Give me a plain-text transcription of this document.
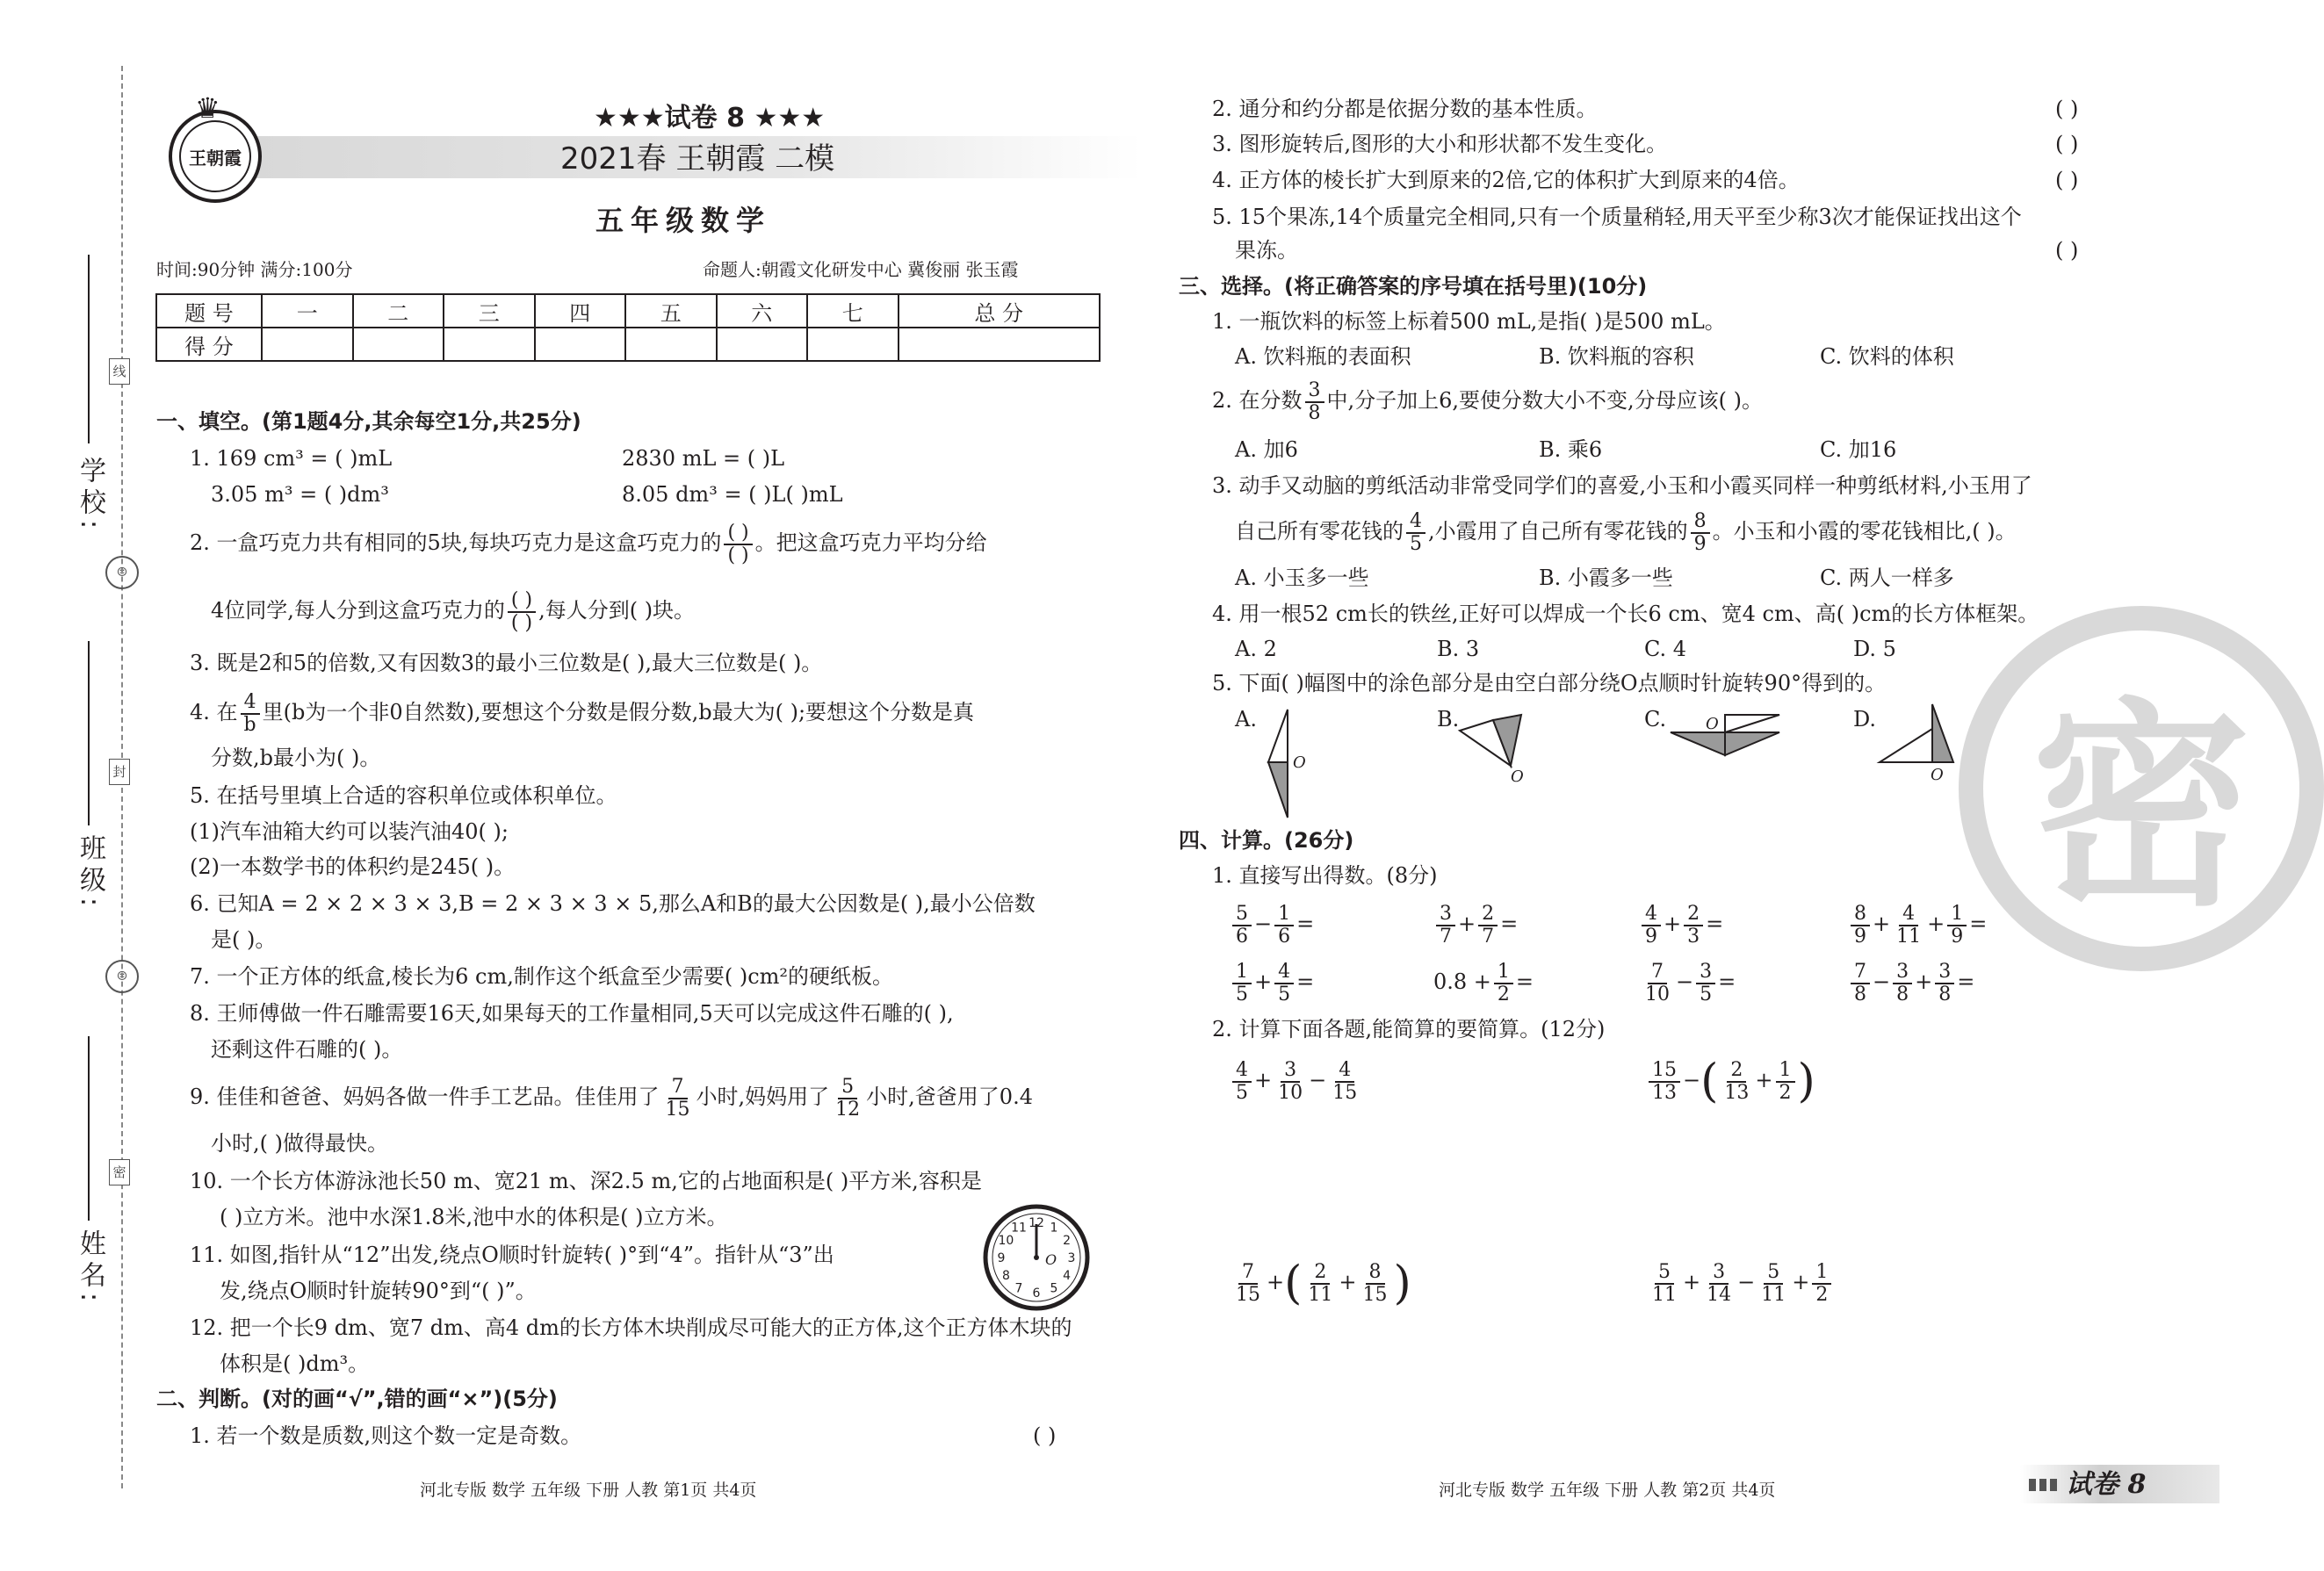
线
封
密
☺
☺
学校:
班级:
姓名:
王朝霞
♛	★★★试卷 8 ★★★
2021春 王朝霞 二模
五年级数学
时间:90分钟 满分:100分	命题人:朝霞文化研发中心 冀俊丽 张玉霞
题 号	一	二	三	四	五	六	七	总 分
得 分								
一、填空。(第1题4分,其余每空1分,共25分)
1. 169 cm³ = ( )mL	2830 mL = ( )L
3.05 m³ = ( )dm³	8.05 dm³ = ( )L( )mL
2. 一盒巧克力共有相同的5块,每块巧克力是这盒巧克力的 $\frac{( )}{( )}$ 。把这盒巧克力平均分给
4位同学,每人分到这盒巧克力的 $\frac{( )}{( )}$ ,每人分到( )块。
3. 既是2和5的倍数,又有因数3的最小三位数是( ),最大三位数是( )。
4. 在 $\frac{4}{b}$ 里(b为一个非0自然数),要想这个分数是假分数,b最大为( );要想这个分数是真
分数,b最小为( )。
5. 在括号里填上合适的容积单位或体积单位。
(1)汽车油箱大约可以装汽油40( );
(2)一本数学书的体积约是245( )。
6. 已知A = 2 × 2 × 3 × 3,B = 2 × 3 × 3 × 5,那么A和B的最大公因数是( ),最小公倍数
是( )。
7. 一个正方体的纸盒,棱长为6 cm,制作这个纸盒至少需要( )cm²的硬纸板。
8. 王师傅做一件石雕需要16天,如果每天的工作量相同,5天可以完成这件石雕的( ),
还剩这件石雕的( )。
9. 佳佳和爸爸、妈妈各做一件手工艺品。佳佳用了 $\frac{7}{15}$ 小时,妈妈用了 $\frac{5}{12}$ 小时,爸爸用了0.4
小时,( )做得最快。
10. 一个长方体游泳池长50 m、宽21 m、深2.5 m,它的占地面积是( )平方米,容积是
( )立方米。池中水深1.8米,池中水的体积是( )立方米。
11. 如图,指针从“12”出发,绕点O顺时针旋转( )°到“4”。指针从“3”出
发,绕点O顺时针旋转90°到“( )”。
12 1
2
3
4
5
6
7
8
9
10
11
O
12. 把一个长9 dm、宽7 dm、高4 dm的长方体木块削成尽可能大的正方体,这个正方体木块的
体积是( )dm³。
二、判断。(对的画“√”,错的画“×”)(5分)
1. 若一个数是质数,则这个数一定是奇数。	( )
河北专版 数学 五年级 下册 人教 第1页 共4页
2. 通分和约分都是依据分数的基本性质。	( )
3. 图形旋转后,图形的大小和形状都不发生变化。	( )
4. 正方体的棱长扩大到原来的2倍,它的体积扩大到原来的4倍。	( )
5. 15个果冻,14个质量完全相同,只有一个质量稍轻,用天平至少称3次才能保证找出这个
果冻。	( )
密
三、选择。(将正确答案的序号填在括号里)(10分)
1. 一瓶饮料的标签上标着500 mL,是指( )是500 mL。
A. 饮料瓶的表面积	B. 饮料瓶的容积	C. 饮料的体积
2. 在分数 $\frac{3}{8}$ 中,分子加上6,要使分数大小不变,分母应该( )。
A. 加6	B. 乘6	C. 加16
3. 动手又动脑的剪纸活动非常受同学们的喜爱,小玉和小霞买同样一种剪纸材料,小玉用了
自己所有零花钱的 $\frac{4}{5}$ ,小霞用了自己所有零花钱的 $\frac{8}{9}$ 。小玉和小霞的零花钱相比,( )。
A. 小玉多一些	B. 小霞多一些	C. 两人一样多
4. 用一根52 cm长的铁丝,正好可以焊成一个长6 cm、宽4 cm、高( )cm的长方体框架。
A. 2	B. 3	C. 4	D. 5
5. 下面( )幅图中的涂色部分是由空白部分绕O点顺时针旋转90°得到的。
A.
O
B.
O
C. O	D.
O
四、计算。(26分)
1. 直接写出得数。(8分)
$\frac{5}{6} - \frac{1}{6}$ =	$\frac{3}{7} + \frac{2}{7}$ =	$\frac{4}{9} + \frac{2}{3}$ =	$\frac{8}{9} + \frac{4}{11} + \frac{1}{9}$ =
$\frac{1}{5} + \frac{4}{5}$ =	$0.8 + \frac{1}{2}$ =	$\frac{7}{10} - \frac{3}{5}$ =	$\frac{7}{8} - \frac{3}{8} + \frac{3}{8}$ =
2. 计算下面各题,能简算的要简算。(12分)
$\frac{4}{5} + \frac{3}{10} - \frac{4}{15}$	$\frac{15}{13}$ −( $\frac{2}{13} + \frac{1}{2}$ )
$\frac{7}{15}$ +( $\frac{2}{11} + \frac{8}{15}$ )	$\frac{5}{11} + \frac{3}{14} - \frac{5}{11} + \frac{1}{2}$
河北专版 数学 五年级 下册 人教 第2页 共4页	试卷 8
